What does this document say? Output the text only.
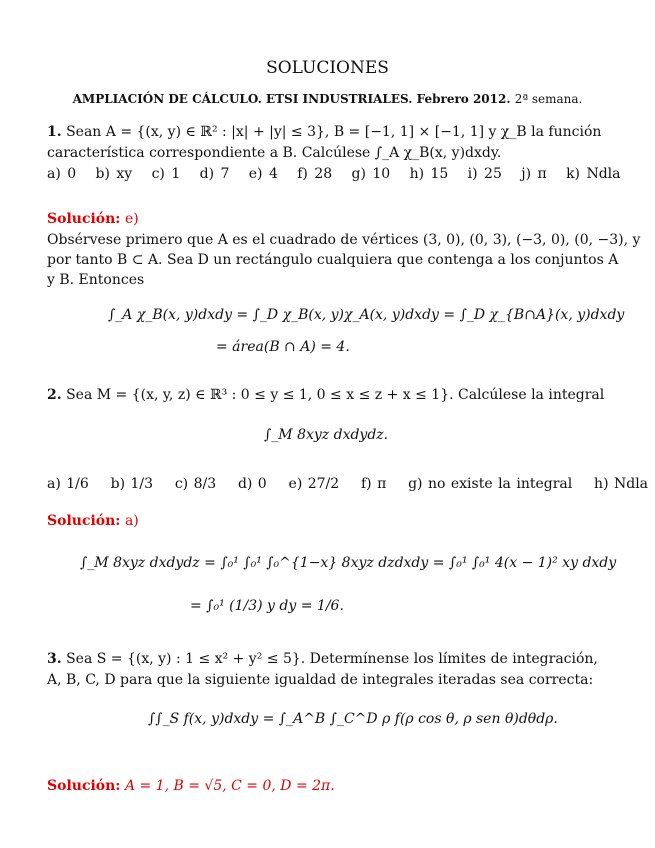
SOLUCIONES
AMPLIACIÓN DE CÁLCULO. ETSI INDUSTRIALES. Febrero 2012. 2ª semana.
1. Sean A = {(x, y) ∈ ℝ² : |x| + |y| ≤ 3}, B = [−1, 1] × [−1, 1] y χ_B la función
característica correspondiente a B. Calcúlese ∫_A χ_B(x, y)dxdy.
a) 0 b) xy c) 1 d) 7 e) 4 f) 28 g) 10 h) 15 i) 25 j) π k) Ndla
Solución: e)
Obsérvese primero que A es el cuadrado de vértices (3, 0), (0, 3), (−3, 0), (0, −3), y
por tanto B ⊂ A. Sea D un rectángulo cualquiera que contenga a los conjuntos A
y B. Entonces
∫_A χ_B(x, y)dxdy = ∫_D χ_B(x, y)χ_A(x, y)dxdy = ∫_D χ_{B∩A}(x, y)dxdy
= área(B ∩ A) = 4.
2. Sea M = {(x, y, z) ∈ ℝ³ : 0 ≤ y ≤ 1, 0 ≤ x ≤ z + x ≤ 1}. Calcúlese la integral
∫_M 8xyz dxdydz.
a) 1/6 b) 1/3 c) 8/3 d) 0 e) 27/2 f) π g) no existe la integral h) Ndla
Solución: a)
∫_M 8xyz dxdydz = ∫₀¹ ∫₀¹ ∫₀^{1−x} 8xyz dzdxdy = ∫₀¹ ∫₀¹ 4(x − 1)² xy dxdy
= ∫₀¹ (1/3) y dy = 1/6.
3. Sea S = {(x, y) : 1 ≤ x² + y² ≤ 5}. Determínense los límites de integración,
A, B, C, D para que la siguiente igualdad de integrales iteradas sea correcta:
∫∫_S f(x, y)dxdy = ∫_A^B ∫_C^D ρ f(ρ cos θ, ρ sen θ)dθdρ.
Solución: A = 1, B = √5, C = 0, D = 2π.
